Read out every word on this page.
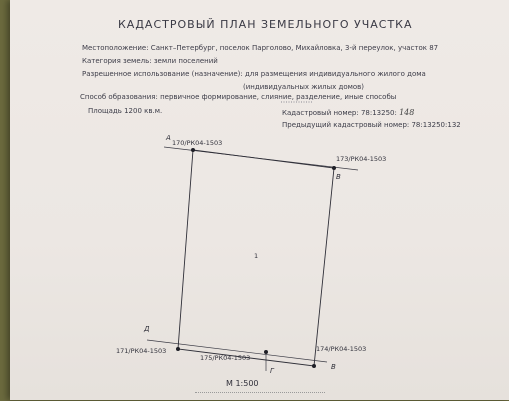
КАДАСТРОВЫЙ ПЛАН ЗЕМЕЛЬНОГО УЧАСТКА
Местоположение: Санкт–Петербург, поселок Парголово, Михайловка, 3-й переулок, участок 87
Категория земель: земли поселений
Разрешенное использование (назначение): для размещения индивидуального жилого дома
(индивидуальных жилых домов)
Способ образования: первичное формирование, слияние, разделение, иные способы
Площадь 1200 кв.м.	Кадастровый номер: 78:13250: 148
Предыдущий кадастровый номер: 78:13250:132
170/РК04-1503
173/РК04-1503
174/РК04-1503
175/РК04-1503
171/РК04-1503
А
В
В
Г
Д
1
М 1:500
